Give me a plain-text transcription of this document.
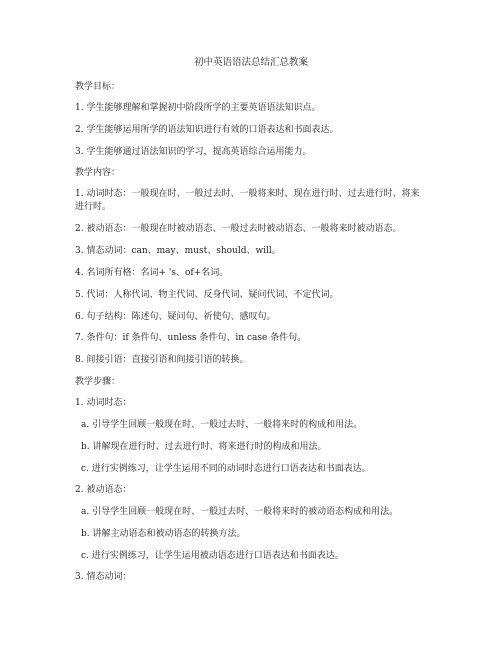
初中英语语法总结汇总教案
教学目标：
1. 学生能够理解和掌握初中阶段所学的主要英语语法知识点。
2. 学生能够运用所学的语法知识进行有效的口语表达和书面表达。
3. 学生能够通过语法知识的学习，提高英语综合运用能力。
教学内容：
1. 动词时态：一般现在时、一般过去时、一般将来时、现在进行时、过去进行时、将来进行时。
2. 被动语态：一般现在时被动语态、一般过去时被动语态、一般将来时被动语态。
3. 情态动词：can、may、must、should、will。
4. 名词所有格：名词+ 's、of+名词。
5. 代词：人称代词、物主代词、反身代词、疑问代词、不定代词。
6. 句子结构：陈述句、疑问句、祈使句、感叹句。
7. 条件句：if 条件句、unless 条件句、in case 条件句。
8. 间接引语：直接引语和间接引语的转换。
教学步骤：
1. 动词时态：
a. 引导学生回顾一般现在时、一般过去时、一般将来时的构成和用法。
b. 讲解现在进行时、过去进行时、将来进行时的构成和用法。
c. 进行实例练习，让学生运用不同的动词时态进行口语表达和书面表达。
2. 被动语态：
a. 引导学生回顾一般现在时、一般过去时、一般将来时的被动语态构成和用法。
b. 讲解主动语态和被动语态的转换方法。
c. 进行实例练习，让学生运用被动语态进行口语表达和书面表达。
3. 情态动词：
